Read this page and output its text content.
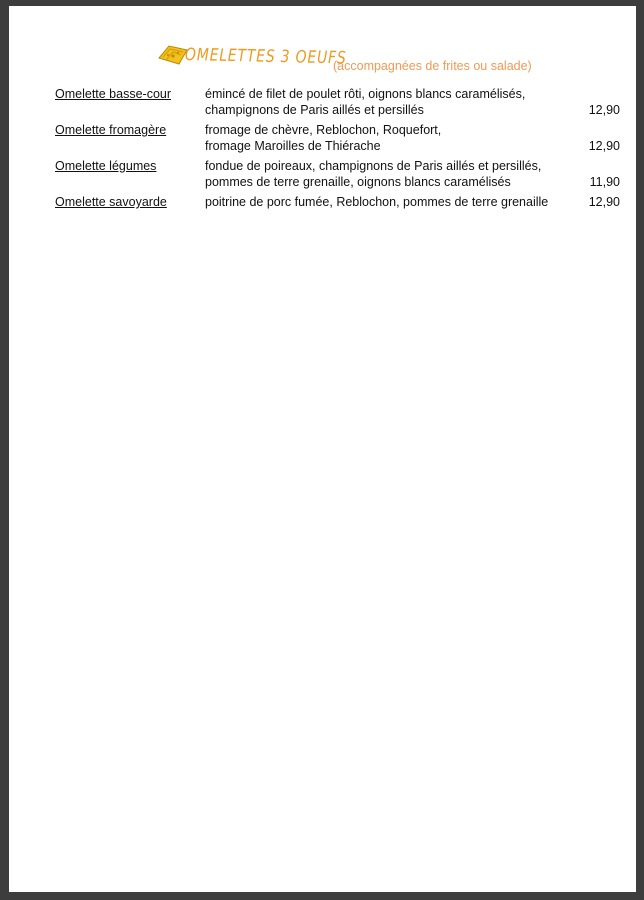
OMELETTES 3 OEUFS
(accompagnées de frites ou salade)
Omelette basse-cour	émincé de filet de poulet rôti, oignons blancs caramélisés,
champignons de Paris aillés et persillés	12,90
Omelette fromagère	fromage de chèvre, Reblochon, Roquefort,
fromage Maroilles de Thiérache	12,90
Omelette légumes	fondue de poireaux, champignons de Paris aillés et persillés,
pommes de terre grenaille, oignons blancs caramélisés	11,90
Omelette savoyarde	poitrine de porc fumée, Reblochon, pommes de terre grenaille	12,90
